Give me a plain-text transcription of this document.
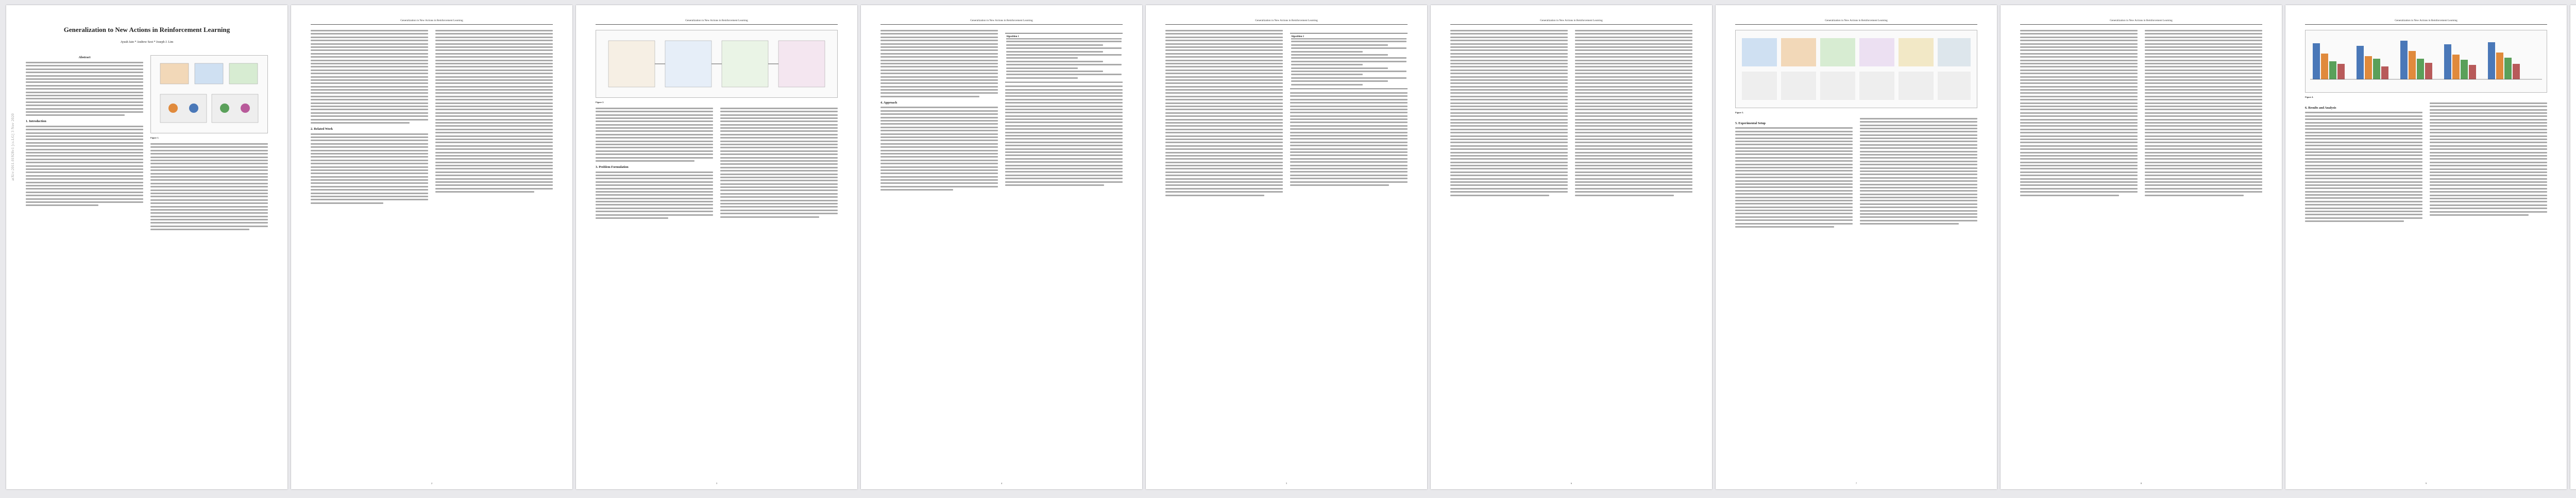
arXiv:2011.01928v1 [cs.LG] 3 Nov 2020
Generalization to New Actions in Reinforcement Learning
Ayush Jain * Andrew Szot * Joseph J. Lim
Abstract
1. Introduction
Figure 1.
Generalization in New Actions in Reinforcement Learning
2. Related Work
2
Generalization in New Actions in Reinforcement Learning
Figure 2.
3. Problem Formulation
3
Generalization in New Actions in Reinforcement Learning
4. Approach
Algorithm 1
4
Generalization in New Actions in Reinforcement Learning
Algorithm 2
5
Generalization in New Actions in Reinforcement Learning
6
Generalization in New Actions in Reinforcement Learning
Figure 3.
5. Experimental Setup
7
Generalization in New Actions in Reinforcement Learning
8
Generalization in New Actions in Reinforcement Learning
Figure 4.
6. Results and Analysis
9
